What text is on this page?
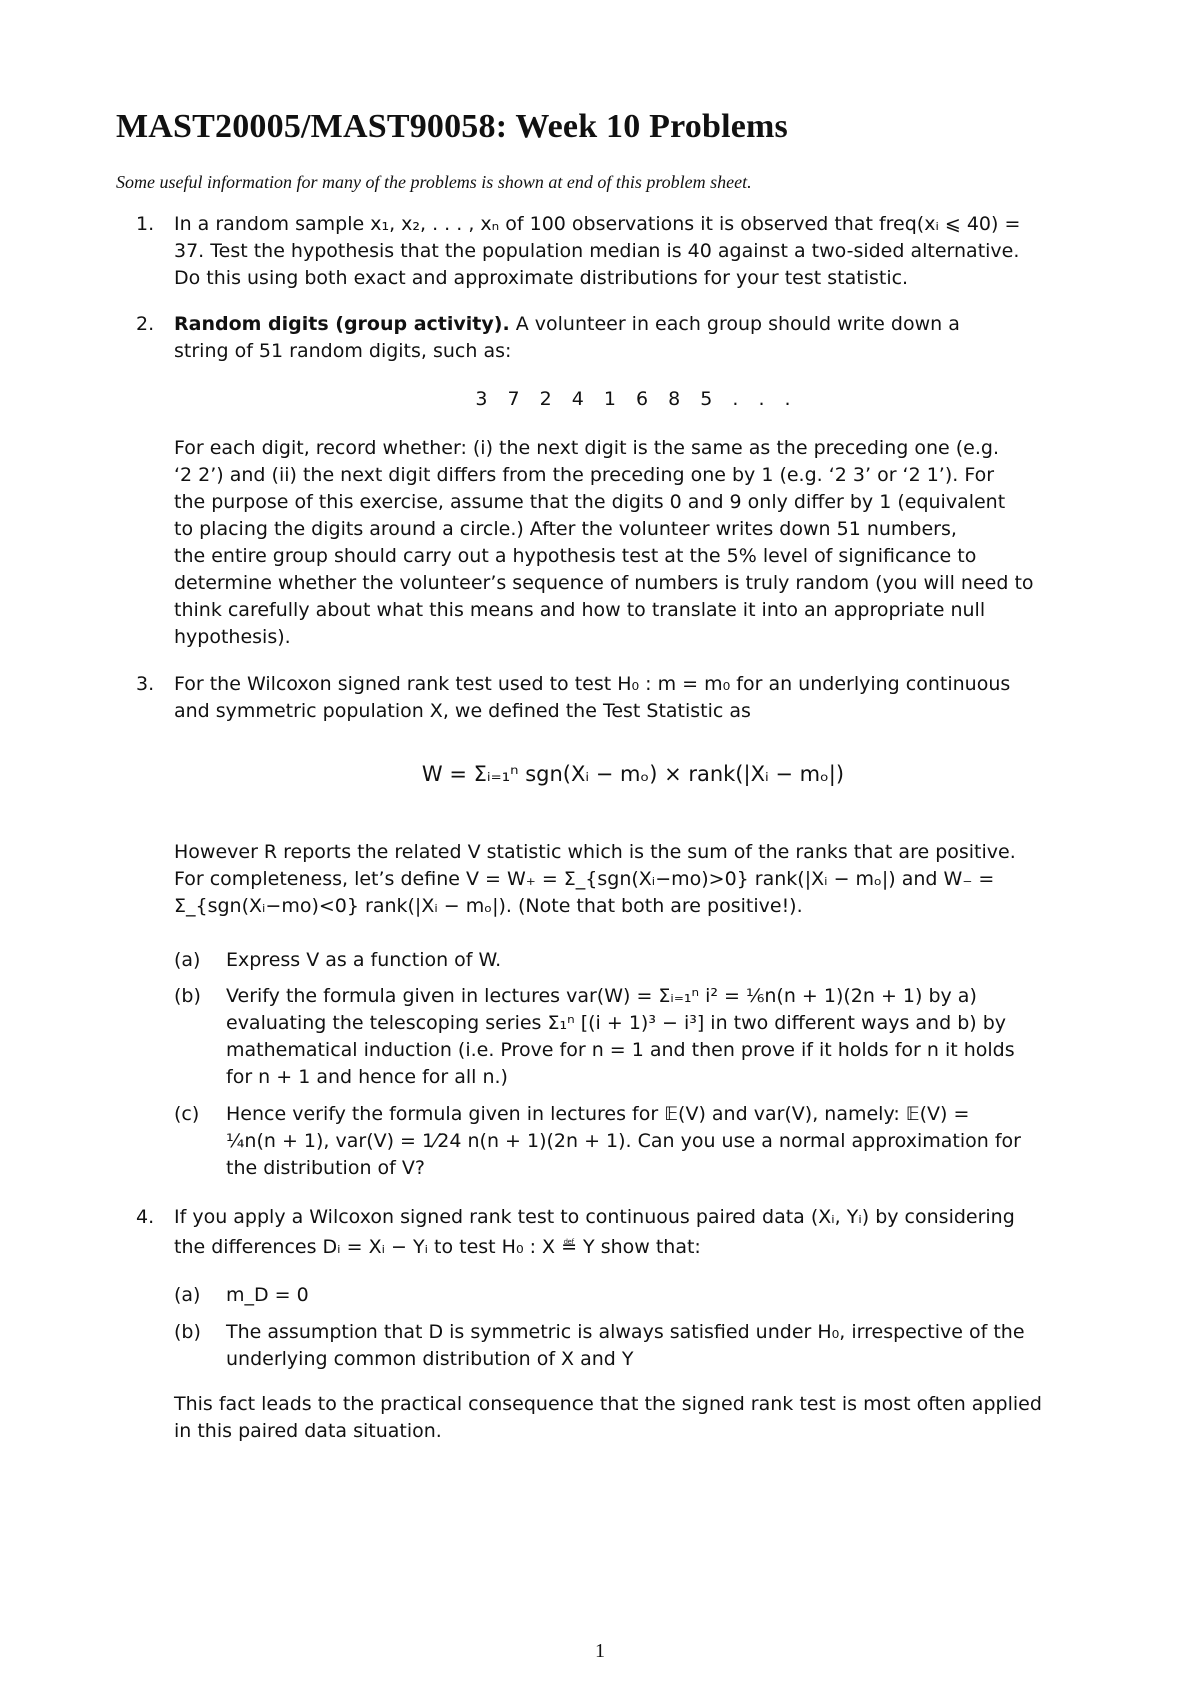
MAST20005/MAST90058: Week 10 Problems
Some useful information for many of the problems is shown at end of this problem sheet.
1. In a random sample x₁, x₂, . . . , xₙ of 100 observations it is observed that freq(xᵢ ⩽ 40) =
37. Test the hypothesis that the population median is 40 against a two-sided alternative.
Do this using both exact and approximate distributions for your test statistic.
2. Random digits (group activity). A volunteer in each group should write down a
string of 51 random digits, such as:
3 7 2 4 1 6 8 5 . . .
For each digit, record whether: (i) the next digit is the same as the preceding one (e.g.
‘2 2’) and (ii) the next digit differs from the preceding one by 1 (e.g. ‘2 3’ or ‘2 1’). For
the purpose of this exercise, assume that the digits 0 and 9 only differ by 1 (equivalent
to placing the digits around a circle.) After the volunteer writes down 51 numbers,
the entire group should carry out a hypothesis test at the 5% level of significance to
determine whether the volunteer’s sequence of numbers is truly random (you will need to
think carefully about what this means and how to translate it into an appropriate null
hypothesis).
3. For the Wilcoxon signed rank test used to test H₀ : m = m₀ for an underlying continuous
and symmetric population X, we defined the Test Statistic as
W = Σᵢ₌₁ⁿ sgn(Xᵢ − mₒ) × rank(|Xᵢ − mₒ|)
However R reports the related V statistic which is the sum of the ranks that are positive.
For completeness, let’s define V = W₊ = Σ_{sgn(Xᵢ−mo)>0} rank(|Xᵢ − mₒ|) and W₋ =
Σ_{sgn(Xᵢ−mo)<0} rank(|Xᵢ − mₒ|). (Note that both are positive!).
(a) Express V as a function of W.
(b) Verify the formula given in lectures var(W) = Σᵢ₌₁ⁿ i² = ⅙n(n + 1)(2n + 1) by a)
evaluating the telescoping series Σ₁ⁿ [(i + 1)³ − i³] in two different ways and b) by
mathematical induction (i.e. Prove for n = 1 and then prove if it holds for n it holds
for n + 1 and hence for all n.)
(c) Hence verify the formula given in lectures for 𝔼(V) and var(V), namely: 𝔼(V) =
¼n(n + 1), var(V) = 1⁄24 n(n + 1)(2n + 1). Can you use a normal approximation for
the distribution of V?
4. If you apply a Wilcoxon signed rank test to continuous paired data (Xᵢ, Yᵢ) by considering
the differences Dᵢ = Xᵢ − Yᵢ to test H₀ : X ≝ Y show that:
(a) m_D = 0
(b) The assumption that D is symmetric is always satisfied under H₀, irrespective of the
underlying common distribution of X and Y
This fact leads to the practical consequence that the signed rank test is most often applied
in this paired data situation.
1
